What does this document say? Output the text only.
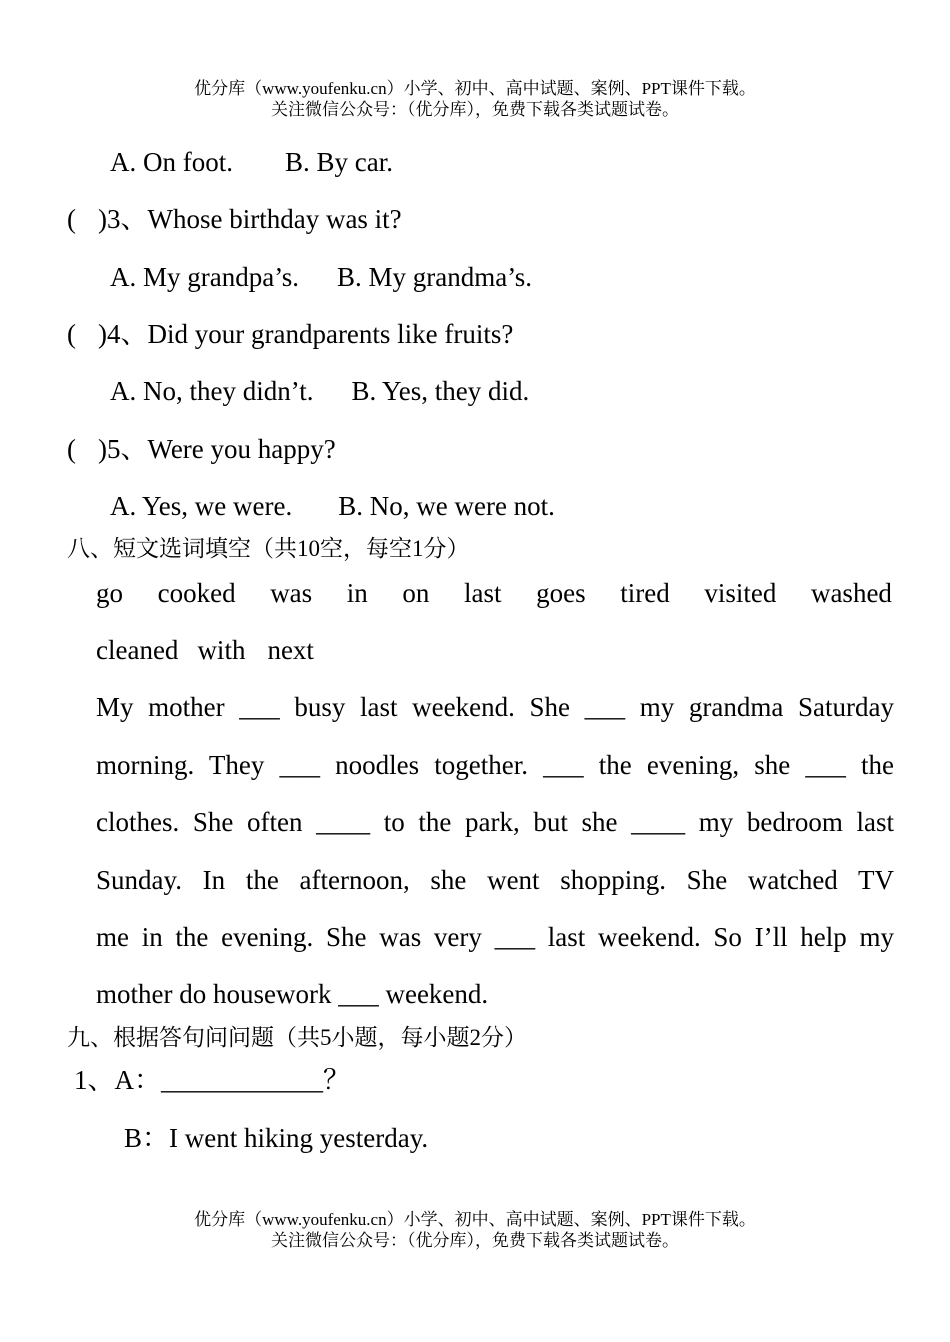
优分库（www.youfenku.cn）小学、初中、高中试题、案例、PPT课件下载。
关注微信公众号：（优分库），免费下载各类试题试卷。
A. On foot. B. By car.
( )3、Whose birthday was it?
A. My grandpa’s. B. My grandma’s.
( )4、Did your grandparents like fruits?
A. No, they didn’t. B. Yes, they did.
( )5、Were you happy?
A. Yes, we were. B. No, we were not.
八、短文选词填空（共10空，每空1分）
go cooked was in on last goes tired visited washed
cleaned with next
My mother ___ busy last weekend. She ___ my grandma Saturday
morning. They ___ noodles together. ___ the evening, she ___ the
clothes. She often ____ to the park, but she ____ my bedroom last
Sunday. In the afternoon, she went shopping. She watched TV
me in the evening. She was very ___ last weekend. So I’ll help my
mother do housework ___ weekend.
九、根据答句问问题（共5小题，每小题2分）
1、A：____________？
B：I went hiking yesterday.
优分库（www.youfenku.cn）小学、初中、高中试题、案例、PPT课件下载。
关注微信公众号：（优分库），免费下载各类试题试卷。
